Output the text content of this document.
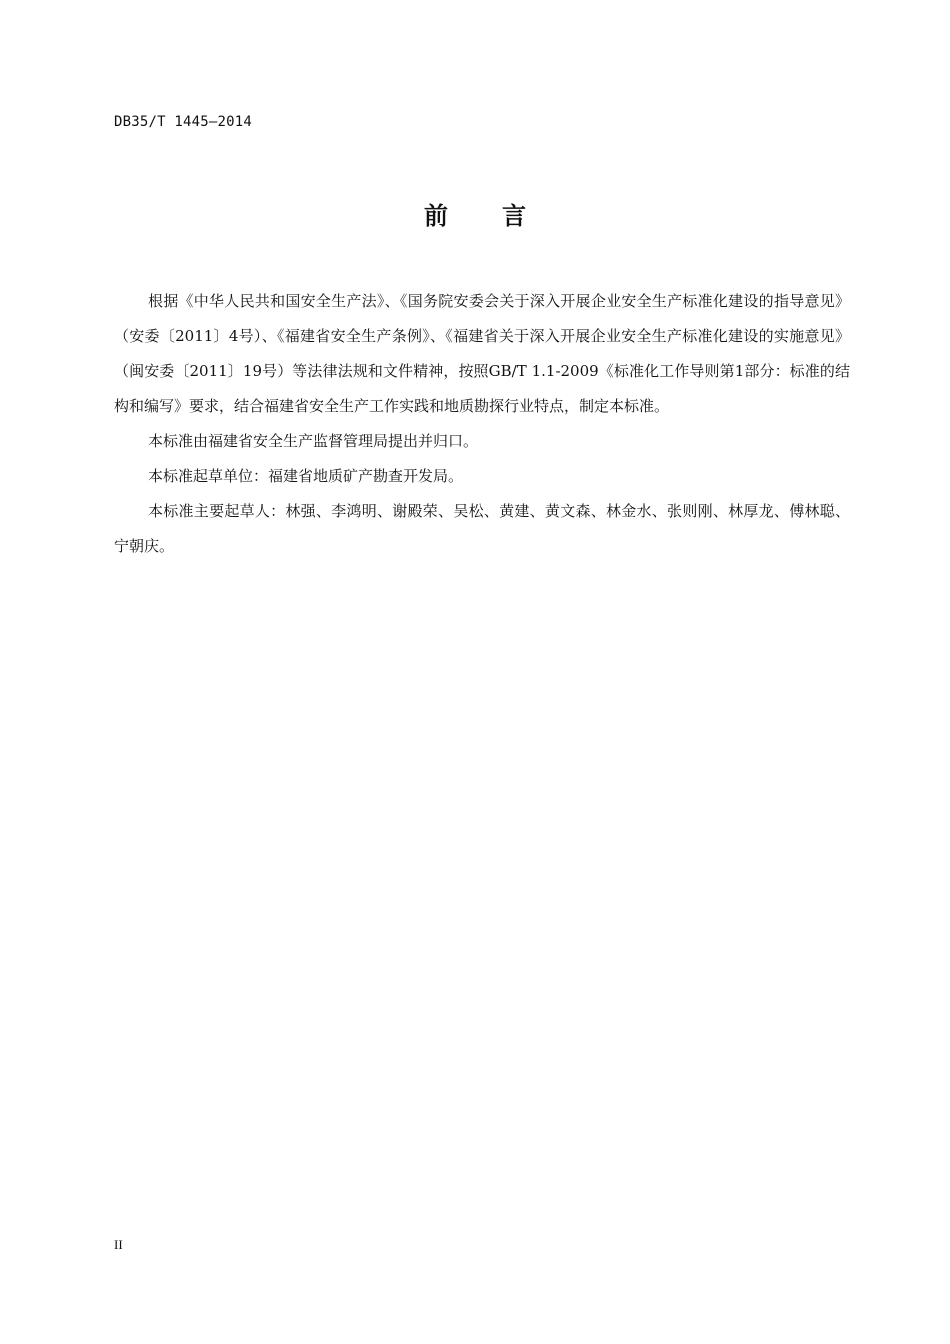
DB35/T 1445—2014
前言

根据《中华人民共和国安全生产法》、《国务院安委会关于深入开展企业安全生产标准化建设的指导意见》（安委〔2011〕4号）、《福建省安全生产条例》、《福建省关于深入开展企业安全生产标准化建设的实施意见》（闽安委〔2011〕19号）等法律法规和文件精神，按照GB/T 1.1-2009《标准化工作导则第1部分：标准的结构和编写》要求，结合福建省安全生产工作实践和地质勘探行业特点，制定本标准。

本标准由福建省安全生产监督管理局提出并归口。

本标准起草单位：福建省地质矿产勘查开发局。

本标准主要起草人：林强、李鸿明、谢殿荣、吴松、黄建、黄文森、林金水、张则刚、林厚龙、傅林聪、宁朝庆。

II
